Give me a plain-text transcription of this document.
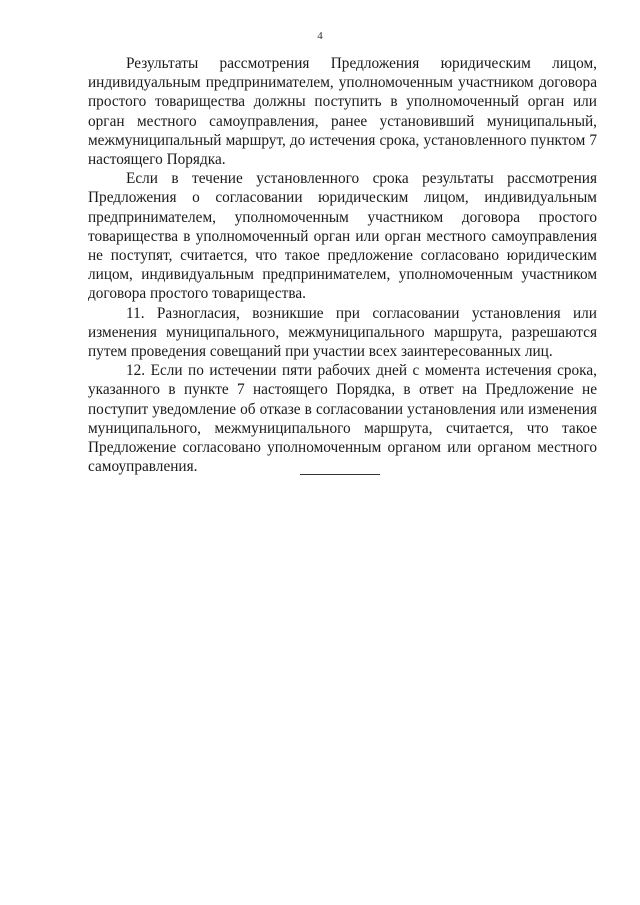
4

Результаты рассмотрения Предложения юридическим лицом, индивидуальным предпринимателем, уполномоченным участником договора простого товарищества должны поступить в уполномоченный орган или орган местного самоуправления, ранее установивший муниципальный, межмуниципальный маршрут, до истечения срока, установленного пунктом 7 настоящего Порядка.

Если в течение установленного срока результаты рассмотрения Предложения о согласовании юридическим лицом, индивидуальным предпринимателем, уполномоченным участником договора простого товарищества в уполномоченный орган или орган местного самоуправления не поступят, считается, что такое предложение согласовано юридическим лицом, индивидуальным предпринимателем, уполномоченным участником договора простого товарищества.

11. Разногласия, возникшие при согласовании установления или изменения муниципального, межмуниципального маршрута, разрешаются путем проведения совещаний при участии всех заинтересованных лиц.

12. Если по истечении пяти рабочих дней с момента истечения срока, указанного в пункте 7 настоящего Порядка, в ответ на Предложение не поступит уведомление об отказе в согласовании установления или изменения муниципального, межмуниципального маршрута, считается, что такое Предложение согласовано уполномоченным органом или органом местного самоуправления.
